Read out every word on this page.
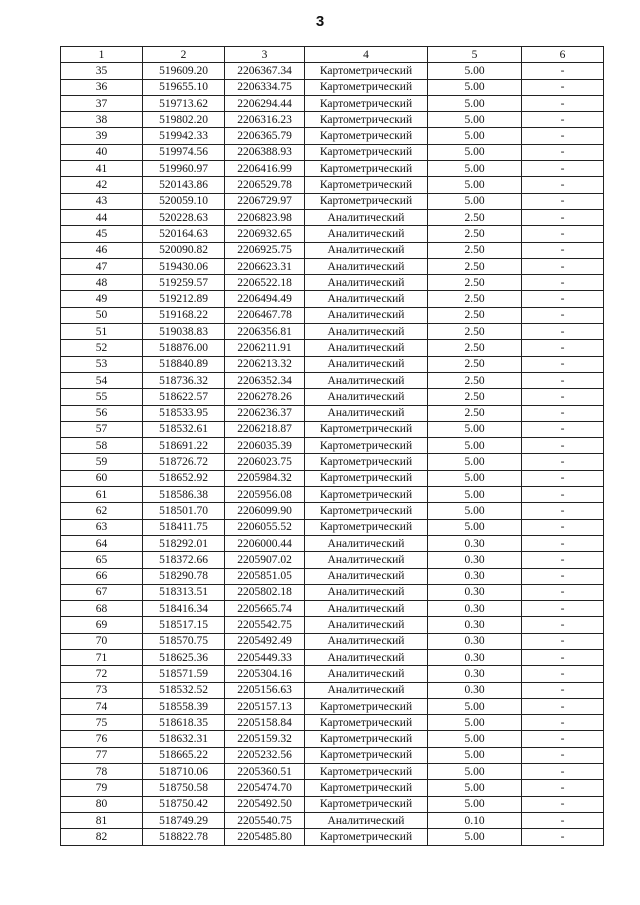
3
1	2	3	4	5	6
35	519609.20	2206367.34	Картометрический	5.00	-
36	519655.10	2206334.75	Картометрический	5.00	-
37	519713.62	2206294.44	Картометрический	5.00	-
38	519802.20	2206316.23	Картометрический	5.00	-
39	519942.33	2206365.79	Картометрический	5.00	-
40	519974.56	2206388.93	Картометрический	5.00	-
41	519960.97	2206416.99	Картометрический	5.00	-
42	520143.86	2206529.78	Картометрический	5.00	-
43	520059.10	2206729.97	Картометрический	5.00	-
44	520228.63	2206823.98	Аналитический	2.50	-
45	520164.63	2206932.65	Аналитический	2.50	-
46	520090.82	2206925.75	Аналитический	2.50	-
47	519430.06	2206623.31	Аналитический	2.50	-
48	519259.57	2206522.18	Аналитический	2.50	-
49	519212.89	2206494.49	Аналитический	2.50	-
50	519168.22	2206467.78	Аналитический	2.50	-
51	519038.83	2206356.81	Аналитический	2.50	-
52	518876.00	2206211.91	Аналитический	2.50	-
53	518840.89	2206213.32	Аналитический	2.50	-
54	518736.32	2206352.34	Аналитический	2.50	-
55	518622.57	2206278.26	Аналитический	2.50	-
56	518533.95	2206236.37	Аналитический	2.50	-
57	518532.61	2206218.87	Картометрический	5.00	-
58	518691.22	2206035.39	Картометрический	5.00	-
59	518726.72	2206023.75	Картометрический	5.00	-
60	518652.92	2205984.32	Картометрический	5.00	-
61	518586.38	2205956.08	Картометрический	5.00	-
62	518501.70	2206099.90	Картометрический	5.00	-
63	518411.75	2206055.52	Картометрический	5.00	-
64	518292.01	2206000.44	Аналитический	0.30	-
65	518372.66	2205907.02	Аналитический	0.30	-
66	518290.78	2205851.05	Аналитический	0.30	-
67	518313.51	2205802.18	Аналитический	0.30	-
68	518416.34	2205665.74	Аналитический	0.30	-
69	518517.15	2205542.75	Аналитический	0.30	-
70	518570.75	2205492.49	Аналитический	0.30	-
71	518625.36	2205449.33	Аналитический	0.30	-
72	518571.59	2205304.16	Аналитический	0.30	-
73	518532.52	2205156.63	Аналитический	0.30	-
74	518558.39	2205157.13	Картометрический	5.00	-
75	518618.35	2205158.84	Картометрический	5.00	-
76	518632.31	2205159.32	Картометрический	5.00	-
77	518665.22	2205232.56	Картометрический	5.00	-
78	518710.06	2205360.51	Картометрический	5.00	-
79	518750.58	2205474.70	Картометрический	5.00	-
80	518750.42	2205492.50	Картометрический	5.00	-
81	518749.29	2205540.75	Аналитический	0.10	-
82	518822.78	2205485.80	Картометрический	5.00	-
